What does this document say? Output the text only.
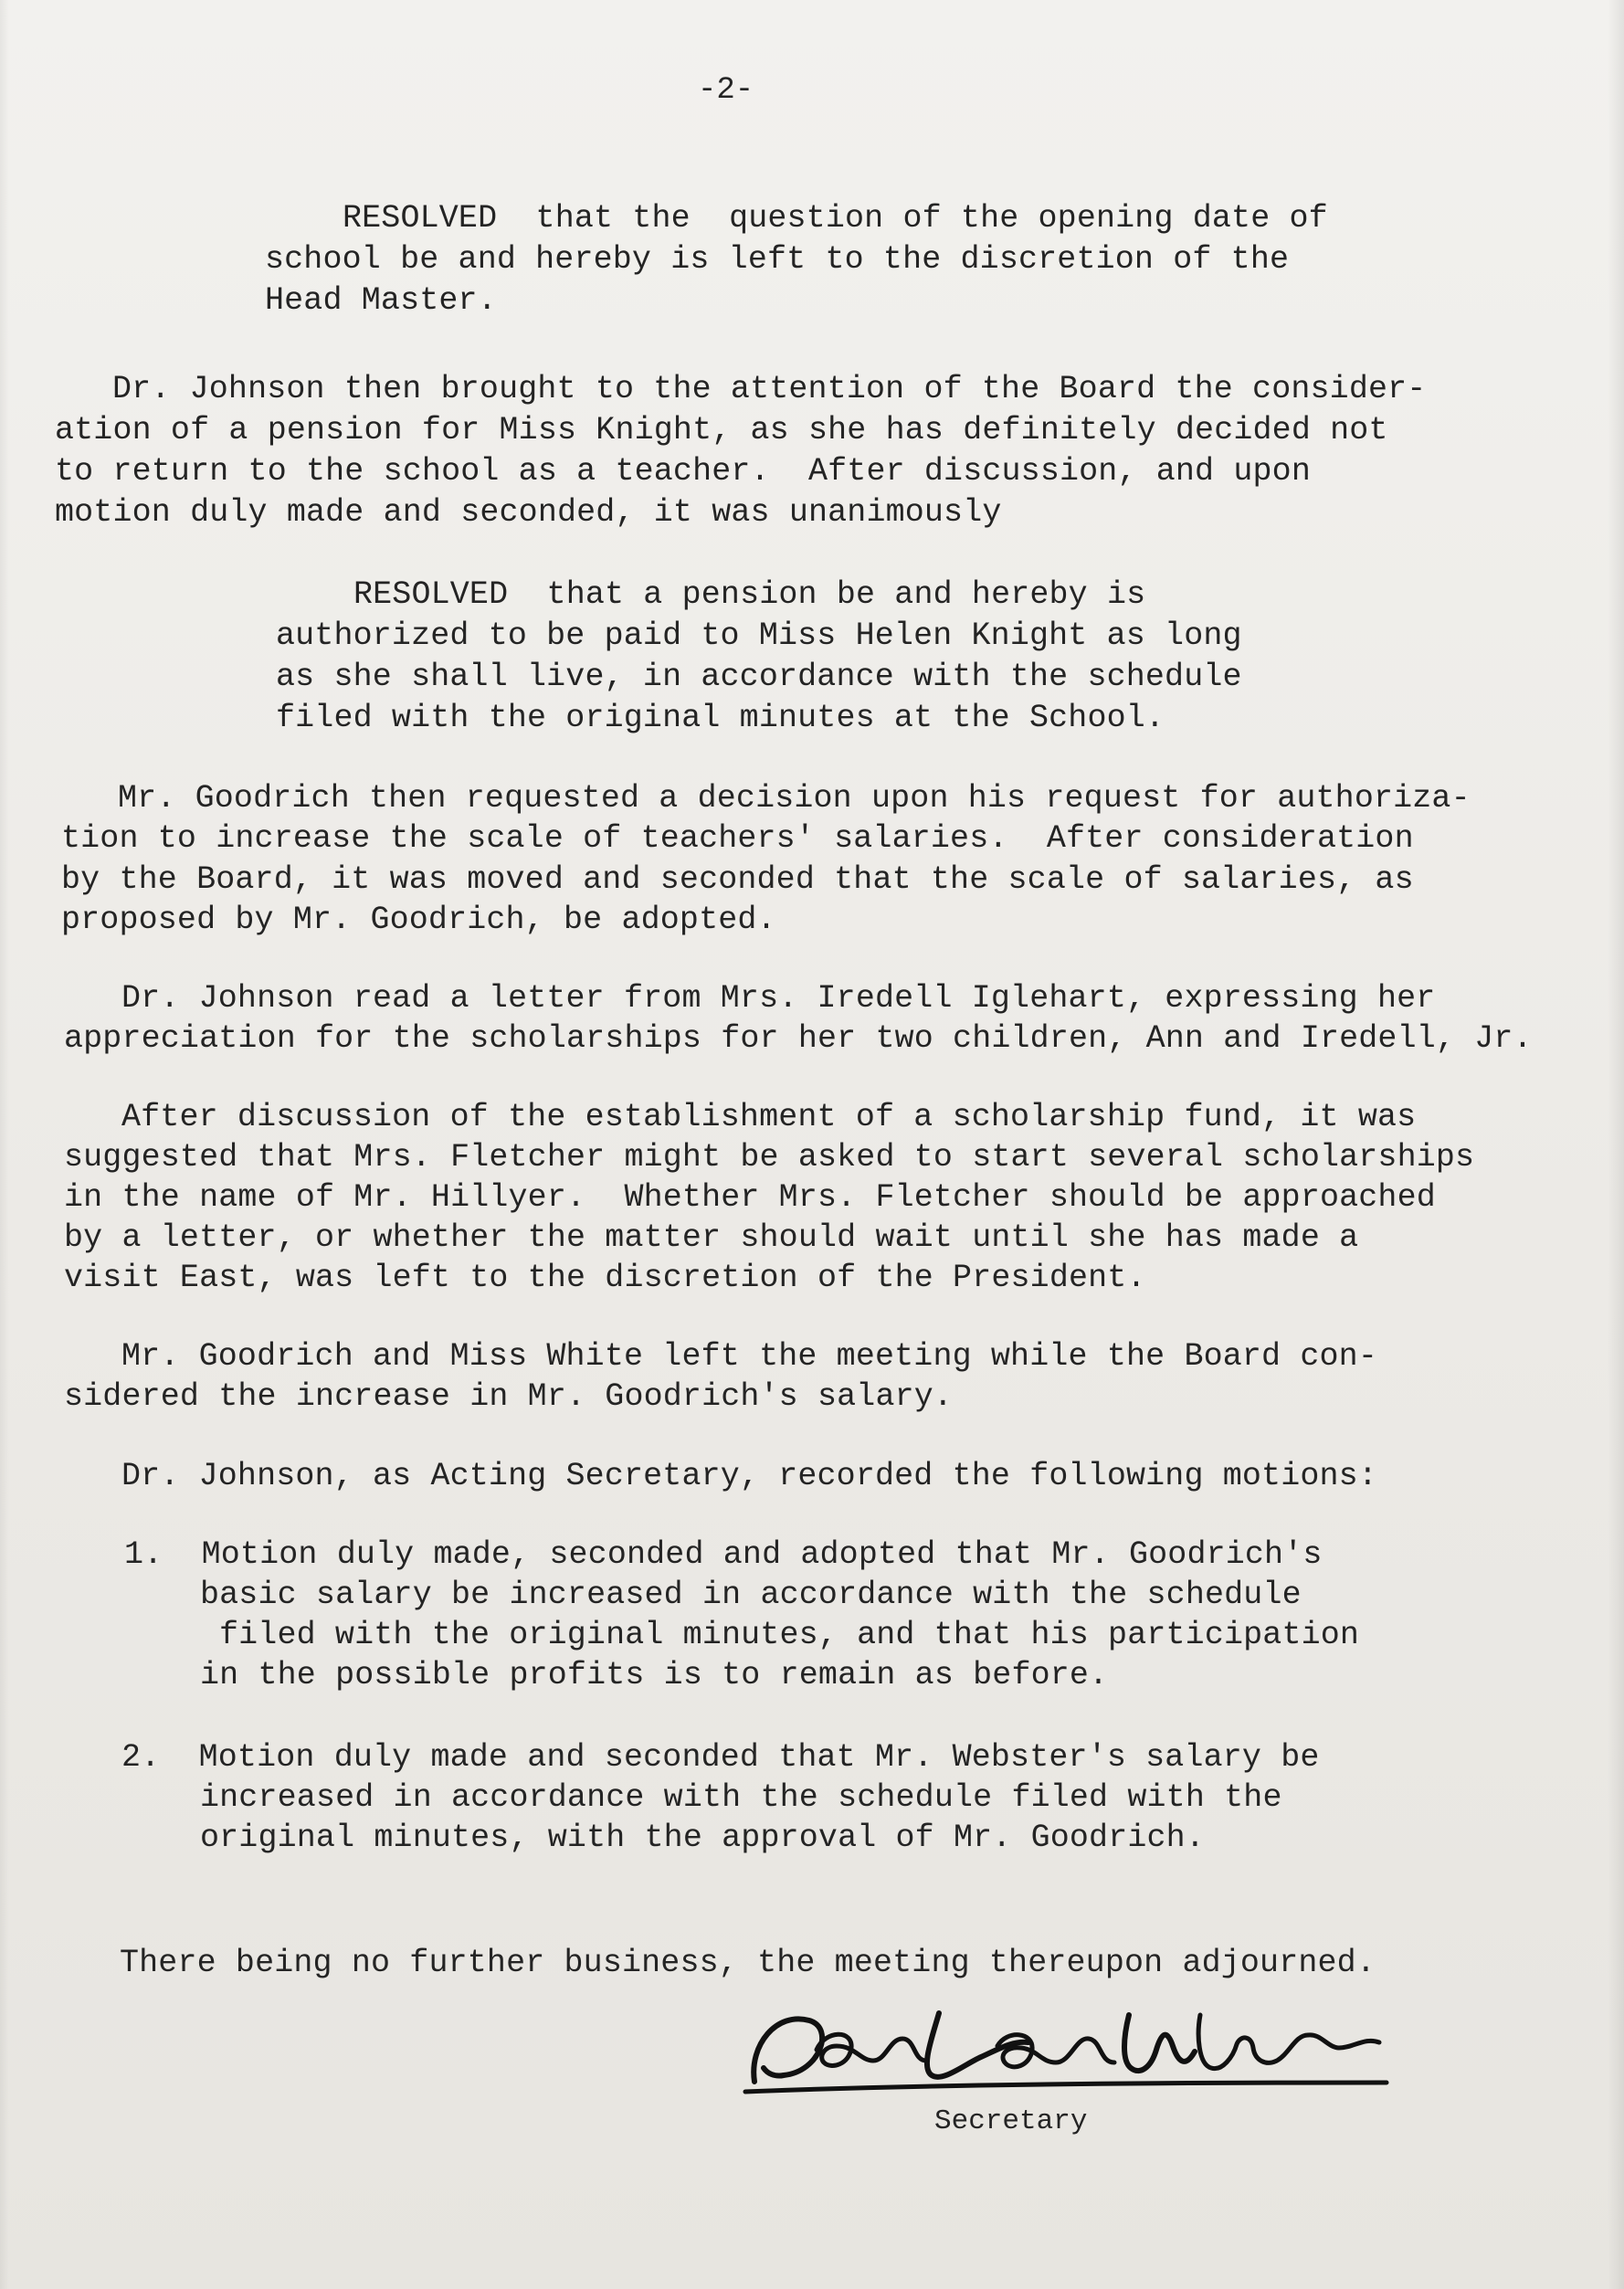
-2-
RESOLVED  that the  question of the opening date of
school be and hereby is left to the discretion of the
Head Master.
Dr. Johnson then brought to the attention of the Board the consider-
ation of a pension for Miss Knight, as she has definitely decided not
to return to the school as a teacher.  After discussion, and upon
motion duly made and seconded, it was unanimously
RESOLVED  that a pension be and hereby is
authorized to be paid to Miss Helen Knight as long
as she shall live, in accordance with the schedule
filed with the original minutes at the School.
Mr. Goodrich then requested a decision upon his request for authoriza-
tion to increase the scale of teachers' salaries.  After consideration
by the Board, it was moved and seconded that the scale of salaries, as
proposed by Mr. Goodrich, be adopted.
Dr. Johnson read a letter from Mrs. Iredell Iglehart, expressing her
appreciation for the scholarships for her two children, Ann and Iredell, Jr.
After discussion of the establishment of a scholarship fund, it was
suggested that Mrs. Fletcher might be asked to start several scholarships
in the name of Mr. Hillyer.  Whether Mrs. Fletcher should be approached
by a letter, or whether the matter should wait until she has made a
visit East, was left to the discretion of the President.
Mr. Goodrich and Miss White left the meeting while the Board con-
sidered the increase in Mr. Goodrich's salary.
Dr. Johnson, as Acting Secretary, recorded the following motions:
1.  Motion duly made, seconded and adopted that Mr. Goodrich's
basic salary be increased in accordance with the schedule
filed with the original minutes, and that his participation
in the possible profits is to remain as before.
2.  Motion duly made and seconded that Mr. Webster's salary be
increased in accordance with the schedule filed with the
original minutes, with the approval of Mr. Goodrich.
There being no further business, the meeting thereupon adjourned.
Secretary
